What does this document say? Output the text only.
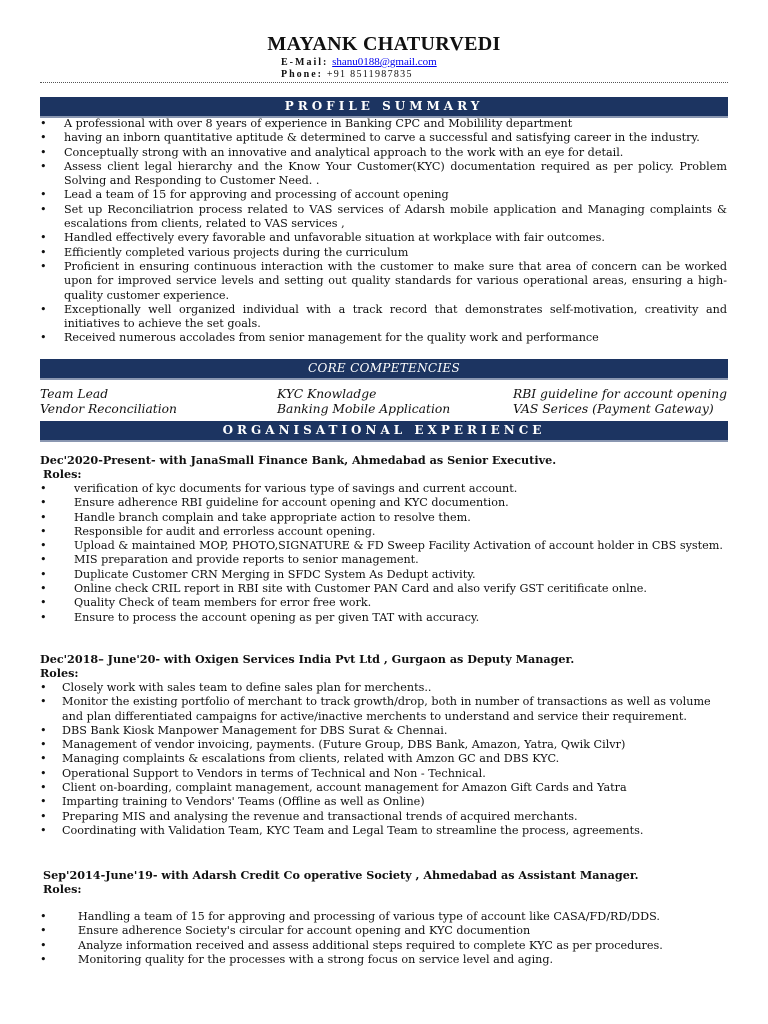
MAYANK CHATURVEDI
E-Mail: shanu0188@gmail.com
Phone: +91 8511987835
PROFILE SUMMARY
• A professional with over 8 years of experience in Banking CPC and Mobilility department
• having an inborn quantitative aptitude & determined to carve a successful and satisfying career in the industry.
• Conceptually strong with an innovative and analytical approach to the work with an eye for detail.
• Assess client legal hierarchy and the Know Your Customer(KYC) documentation required as per policy. Problem Solving and Responding to Customer Need. .
• Lead a team of 15 for approving and processing of account opening
• Set up Reconciliatrion process related to VAS services of Adarsh mobile application and Managing complaints & escalations from clients, related to VAS services ,
• Handled effectively every favorable and unfavorable situation at workplace with fair outcomes.
• Efficiently completed various projects during the curriculum
• Proficient in ensuring continuous interaction with the customer to make sure that area of concern can be worked upon for improved service levels and setting out quality standards for various operational areas, ensuring a high-quality customer experience.
• Exceptionally well organized individual with a track record that demonstrates self-motivation, creativity and initiatives to achieve the set goals.
• Received numerous accolades from senior management for the quality work and performance
CORE COMPETENCIES
Team Lead
Vendor Reconciliation
KYC Knowladge
Banking Mobile Application
RBI guideline for account opening
VAS Serices (Payment Gateway)
ORGANISATIONAL EXPERIENCE
Dec'2020-Present- with JanaSmall Finance Bank, Ahmedabad as Senior Executive.
Roles:
• verification of kyc documents for various type of savings and current account.
• Ensure adherence RBI guideline for account opening and KYC documention.
• Handle branch complain and take appropriate action to resolve them.
• Responsible for audit and errorless account opening.
• Upload & maintained MOP, PHOTO,SIGNATURE & FD Sweep Facility Activation of account holder in CBS system.
• MIS preparation and provide reports to senior management.
• Duplicate Customer CRN Merging in SFDC System As Dedupt activity.
• Online check CRIL report in RBI site with Customer PAN Card and also verify GST ceritificate onlne.
• Quality Check of team members for error free work.
• Ensure to process the account opening as per given TAT with accuracy.
Dec'2018– June'20- with Oxigen Services India Pvt Ltd , Gurgaon as Deputy Manager.
Roles:
• Closely work with sales team to define sales plan for merchents..
• Monitor the existing portfolio of merchant to track growth/drop, both in number of transactions as well as volume and plan differentiated campaigns for active/inactive merchents to understand and service their requirement.
• DBS Bank Kiosk Manpower Management for DBS Surat & Chennai.
• Management of vendor invoicing, payments. (Future Group, DBS Bank, Amazon, Yatra, Qwik Cilvr)
• Managing complaints & escalations from clients, related with Amzon GC and DBS KYC.
• Operational Support to Vendors in terms of Technical and Non - Technical.
• Client on-boarding, complaint management, account management for Amazon Gift Cards and Yatra
• Imparting training to Vendors' Teams (Offline as well as Online)
• Preparing MIS and analysing the revenue and transactional trends of acquired merchants.
• Coordinating with Validation Team, KYC Team and Legal Team to streamline the process, agreements.
Sep'2014-June'19- with Adarsh Credit Co operative Society , Ahmedabad as Assistant Manager.
Roles:
• Handling a team of 15 for approving and processing of various type of account like CASA/FD/RD/DDS.
• Ensure adherence Society's circular for account opening and KYC documention
• Analyze information received and assess additional steps required to complete KYC as per procedures.
• Monitoring quality for the processes with a strong focus on service level and aging.
